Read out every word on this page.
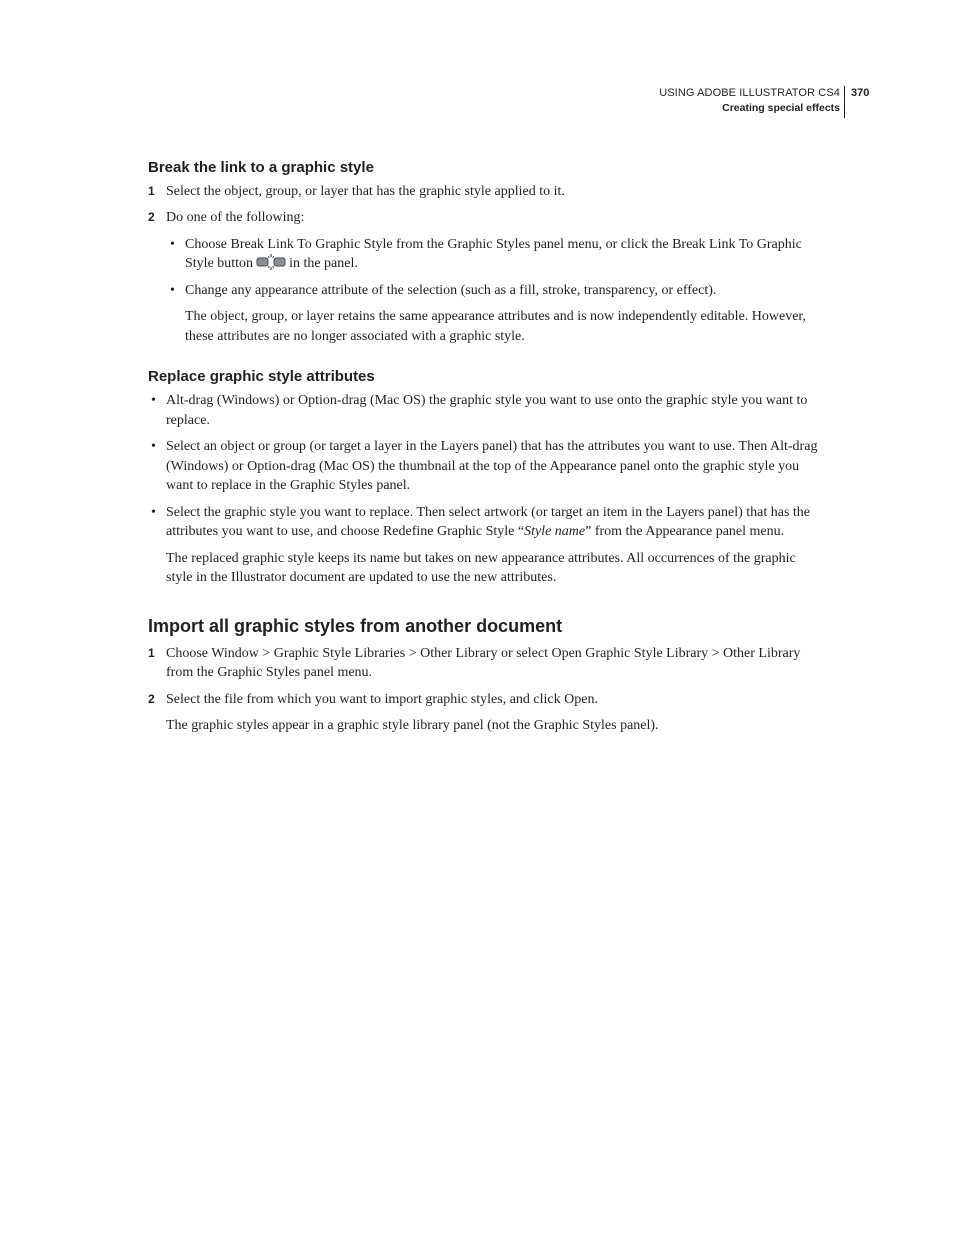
USING ADOBE ILLUSTRATOR CS4
Creating special effects
370
Break the link to a graphic style
1 Select the object, group, or layer that has the graphic style applied to it.
2 Do one of the following:
• Choose Break Link To Graphic Style from the Graphic Styles panel menu, or click the Break Link To Graphic
Style button	in the panel.
• Change any appearance attribute of the selection (such as a fill, stroke, transparency, or effect).
The object, group, or layer retains the same appearance attributes and is now independently editable. However,
these attributes are no longer associated with a graphic style.
Replace graphic style attributes
• Alt-drag (Windows) or Option-drag (Mac OS) the graphic style you want to use onto the graphic style you want to
replace.
• Select an object or group (or target a layer in the Layers panel) that has the attributes you want to use. Then Alt-drag
(Windows) or Option-drag (Mac OS) the thumbnail at the top of the Appearance panel onto the graphic style you
want to replace in the Graphic Styles panel.
• Select the graphic style you want to replace. Then select artwork (or target an item in the Layers panel) that has the
attributes you want to use, and choose Redefine Graphic Style “Style name” from the Appearance panel menu.
The replaced graphic style keeps its name but takes on new appearance attributes. All occurrences of the graphic
style in the Illustrator document are updated to use the new attributes.
Import all graphic styles from another document
1 Choose Window > Graphic Style Libraries > Other Library or select Open Graphic Style Library > Other Library
from the Graphic Styles panel menu.
2 Select the file from which you want to import graphic styles, and click Open.
The graphic styles appear in a graphic style library panel (not the Graphic Styles panel).
